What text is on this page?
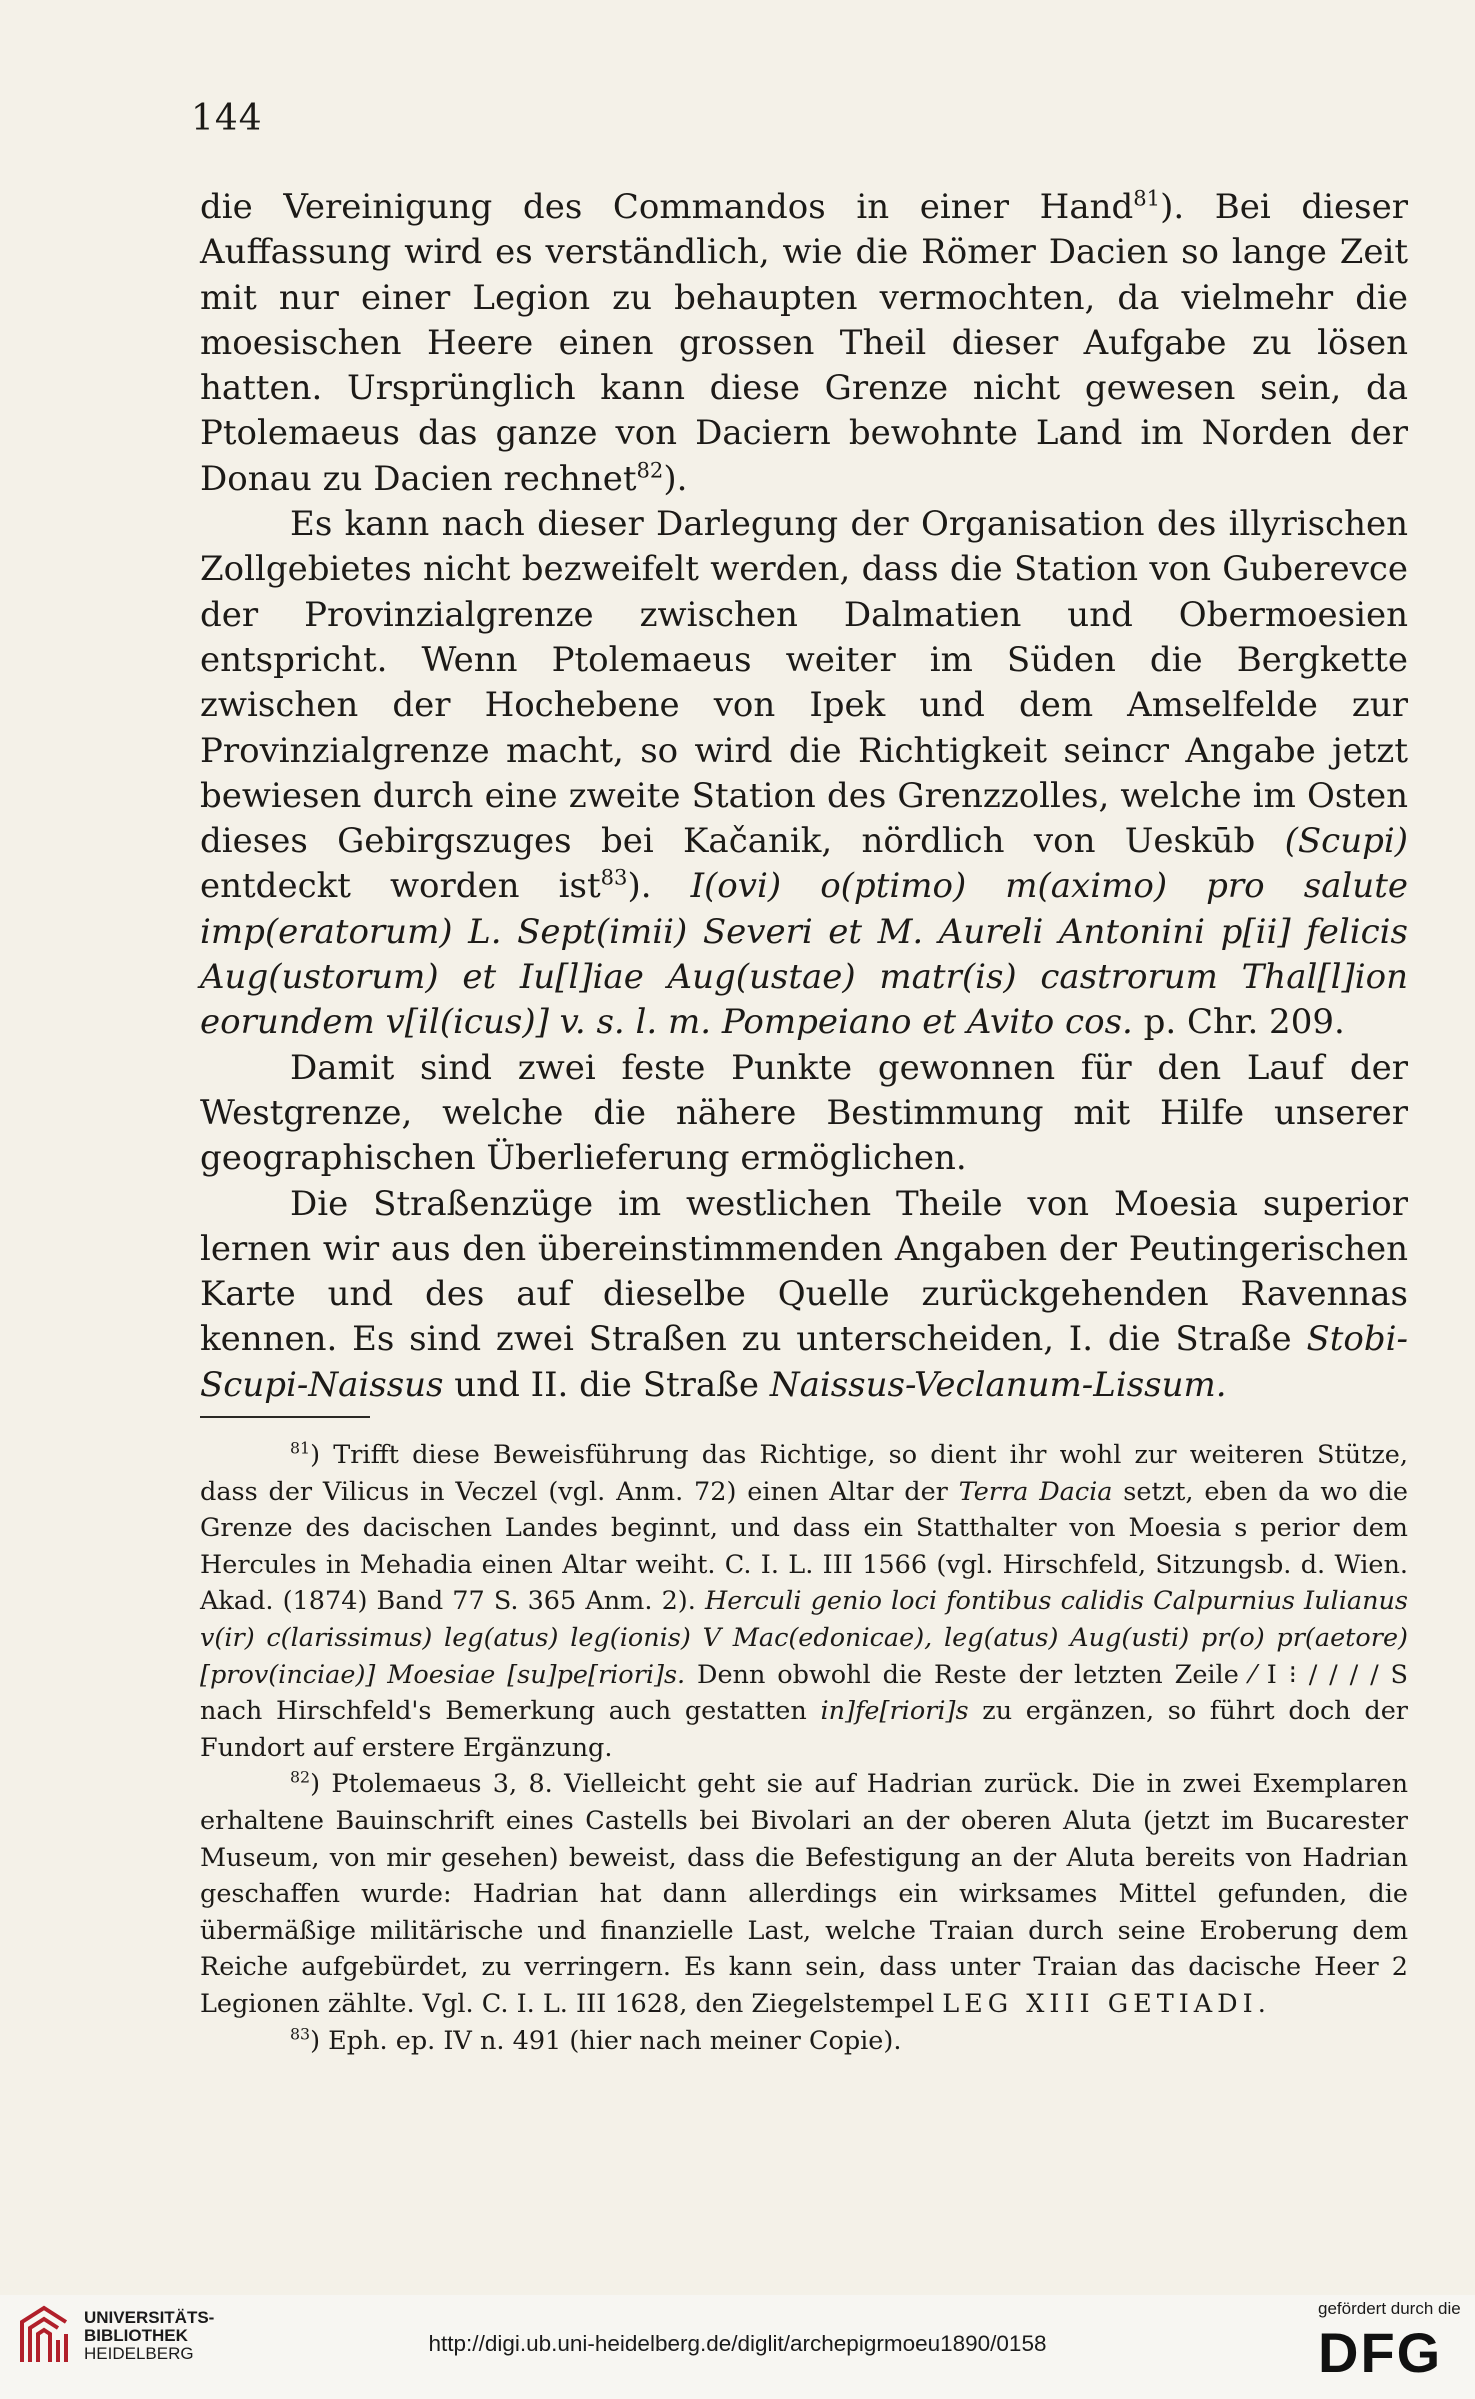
144

die Vereinigung des Commandos in einer Hand$^{81}$). Bei dieser Auffassung wird es verständlich, wie die Römer Dacien so lange Zeit mit nur einer Legion zu behaupten vermochten, da vielmehr die moesischen Heere einen grossen Theil dieser Aufgabe zu lösen hatten. Ursprünglich kann diese Grenze nicht gewesen sein, da Ptolemaeus das ganze von Daciern bewohnte Land im Norden der Donau zu Dacien rechnet$^{82}$).

Es kann nach dieser Darlegung der Organisation des illyrischen Zollgebietes nicht bezweifelt werden, dass die Station von Guberevce der Provinzialgrenze zwischen Dalmatien und Obermoesien entspricht. Wenn Ptolemaeus weiter im Süden die Bergkette zwischen der Hochebene von Ipek und dem Amselfelde zur Provinzialgrenze macht, so wird die Richtigkeit seincr Angabe jetzt bewiesen durch eine zweite Station des Grenzzolles, welche im Osten dieses Gebirgszuges bei Kačanik, nördlich von Ueskūb (Scupi) entdeckt worden ist$^{83}$). I(ovi) o(ptimo) m(aximo) pro salute imp(eratorum) L. Sept(imii) Severi et M. Aureli Antonini p[ii] felicis Aug(ustorum) et Iu[l]iae Aug(ustae) matr(is) castrorum Thal[l]ion eorundem v[il(icus)] v. s. l. m. Pompeiano et Avito cos. p. Chr. 209.

Damit sind zwei feste Punkte gewonnen für den Lauf der Westgrenze, welche die nähere Bestimmung mit Hilfe unserer geographischen Überlieferung ermöglichen.

Die Straßenzüge im westlichen Theile von Moesia superior lernen wir aus den übereinstimmenden Angaben der Peutingerischen Karte und des auf dieselbe Quelle zurückgehenden Ravennas kennen. Es sind zwei Straßen zu unterscheiden, I. die Straße Stobi-Scupi-Naissus und II. die Straße Naissus-Veclanum-Lissum.

$^{81}$) Trifft diese Beweisführung das Richtige, so dient ihr wohl zur weiteren Stütze, dass der Vilicus in Veczel (vgl. Anm. 72) einen Altar der Terra Dacia setzt, eben da wo die Grenze des dacischen Landes beginnt, und dass ein Statthalter von Moesia s perior dem Hercules in Mehadia einen Altar weiht. C. I. L. III 1566 (vgl. Hirschfeld, Sitzungsb. d. Wien. Akad. (1874) Band 77 S. 365 Anm. 2). Herculi genio loci fontibus calidis Calpurnius Iulianus v(ir) c(larissimus) leg(atus) leg(ionis) V Mac(edonicae), leg(atus) Aug(usti) pr(o) pr(aetore) [prov(inciae)] Moesiae [su]pe[riori]s. Denn obwohl die Reste der letzten Zeile ⁄ I ⁝ / / / / S nach Hirschfeld's Bemerkung auch gestatten in]fe[riori]s zu ergänzen, so führt doch der Fundort auf erstere Ergänzung.

$^{82}$) Ptolemaeus 3, 8. Vielleicht geht sie auf Hadrian zurück. Die in zwei Exemplaren erhaltene Bauinschrift eines Castells bei Bivolari an der oberen Aluta (jetzt im Bucarester Museum, von mir gesehen) beweist, dass die Befestigung an der Aluta bereits von Hadrian geschaffen wurde: Hadrian hat dann allerdings ein wirksames Mittel gefunden, die übermäßige militärische und finanzielle Last, welche Traian durch seine Eroberung dem Reiche aufgebürdet, zu verringern. Es kann sein, dass unter Traian das dacische Heer 2 Legionen zählte. Vgl. C. I. L. III 1628, den Ziegelstempel LEG XIII GETIADI.

$^{83}$) Eph. ep. IV n. 491 (hier nach meiner Copie).

UNIVERSITÄTS-
BIBLIOTHEK
HEIDELBERG	http://digi.ub.uni-heidelberg.de/diglit/archepigrmoeu1890/0158
gefördert durch die
DFG
